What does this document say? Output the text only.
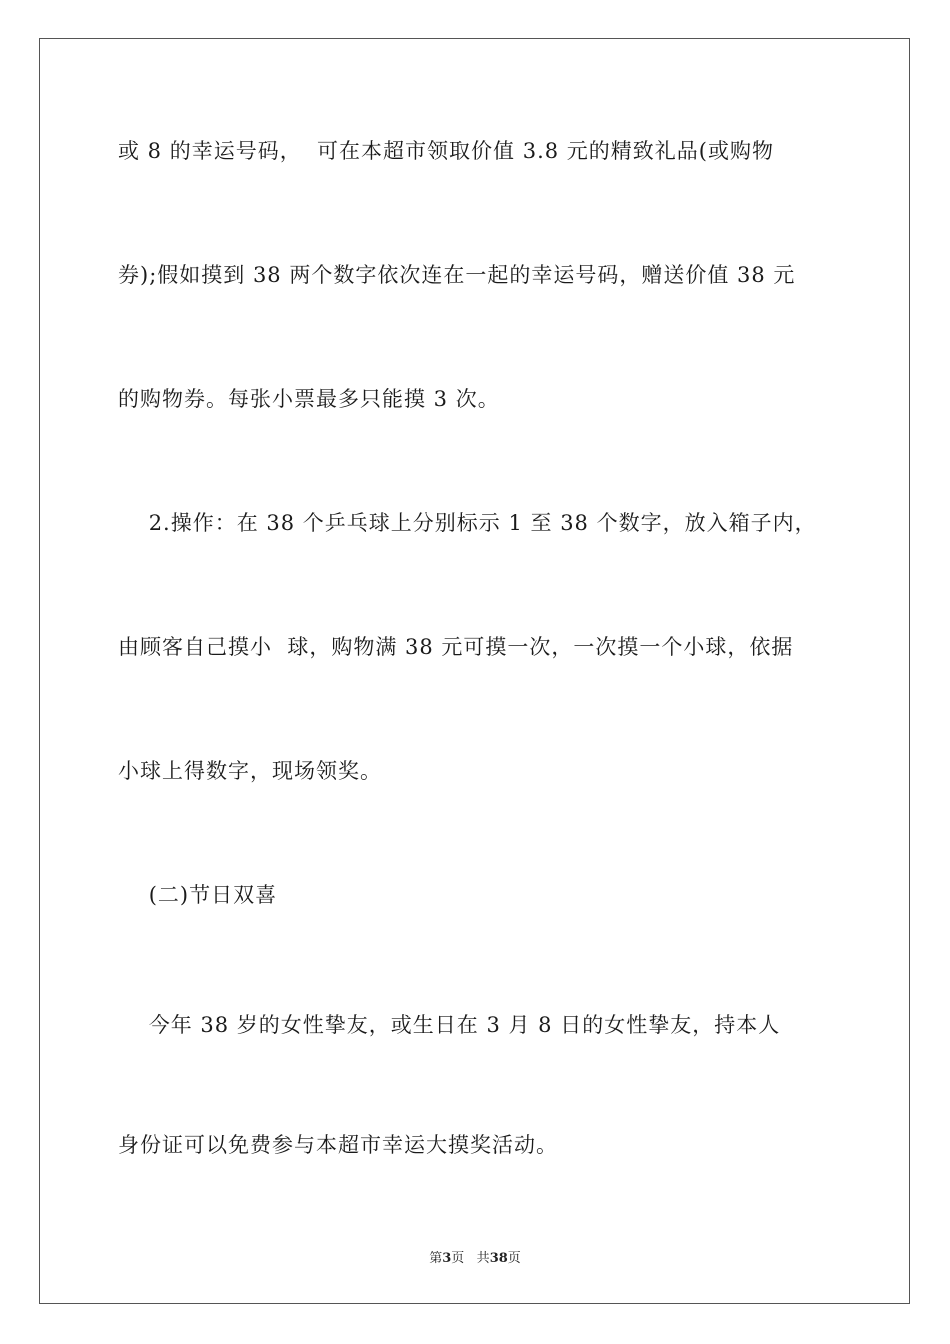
或 8 的幸运号码，  可在本超市领取价值 3.8 元的精致礼品(或购物
券);假如摸到 38 两个数字依次连在一起的幸运号码，赠送价值 38 元
的购物券。每张小票最多只能摸 3 次。
2.操作：在 38 个乒乓球上分别标示 1 至 38 个数字，放入箱子内，
由顾客自己摸小  球，购物满 38 元可摸一次，一次摸一个小球，依据
小球上得数字，现场领奖。
(二)节日双喜
今年 38 岁的女性挚友，或生日在 3 月 8 日的女性挚友，持本人
身份证可以免费参与本超市幸运大摸奖活动。
第3页 共38页
